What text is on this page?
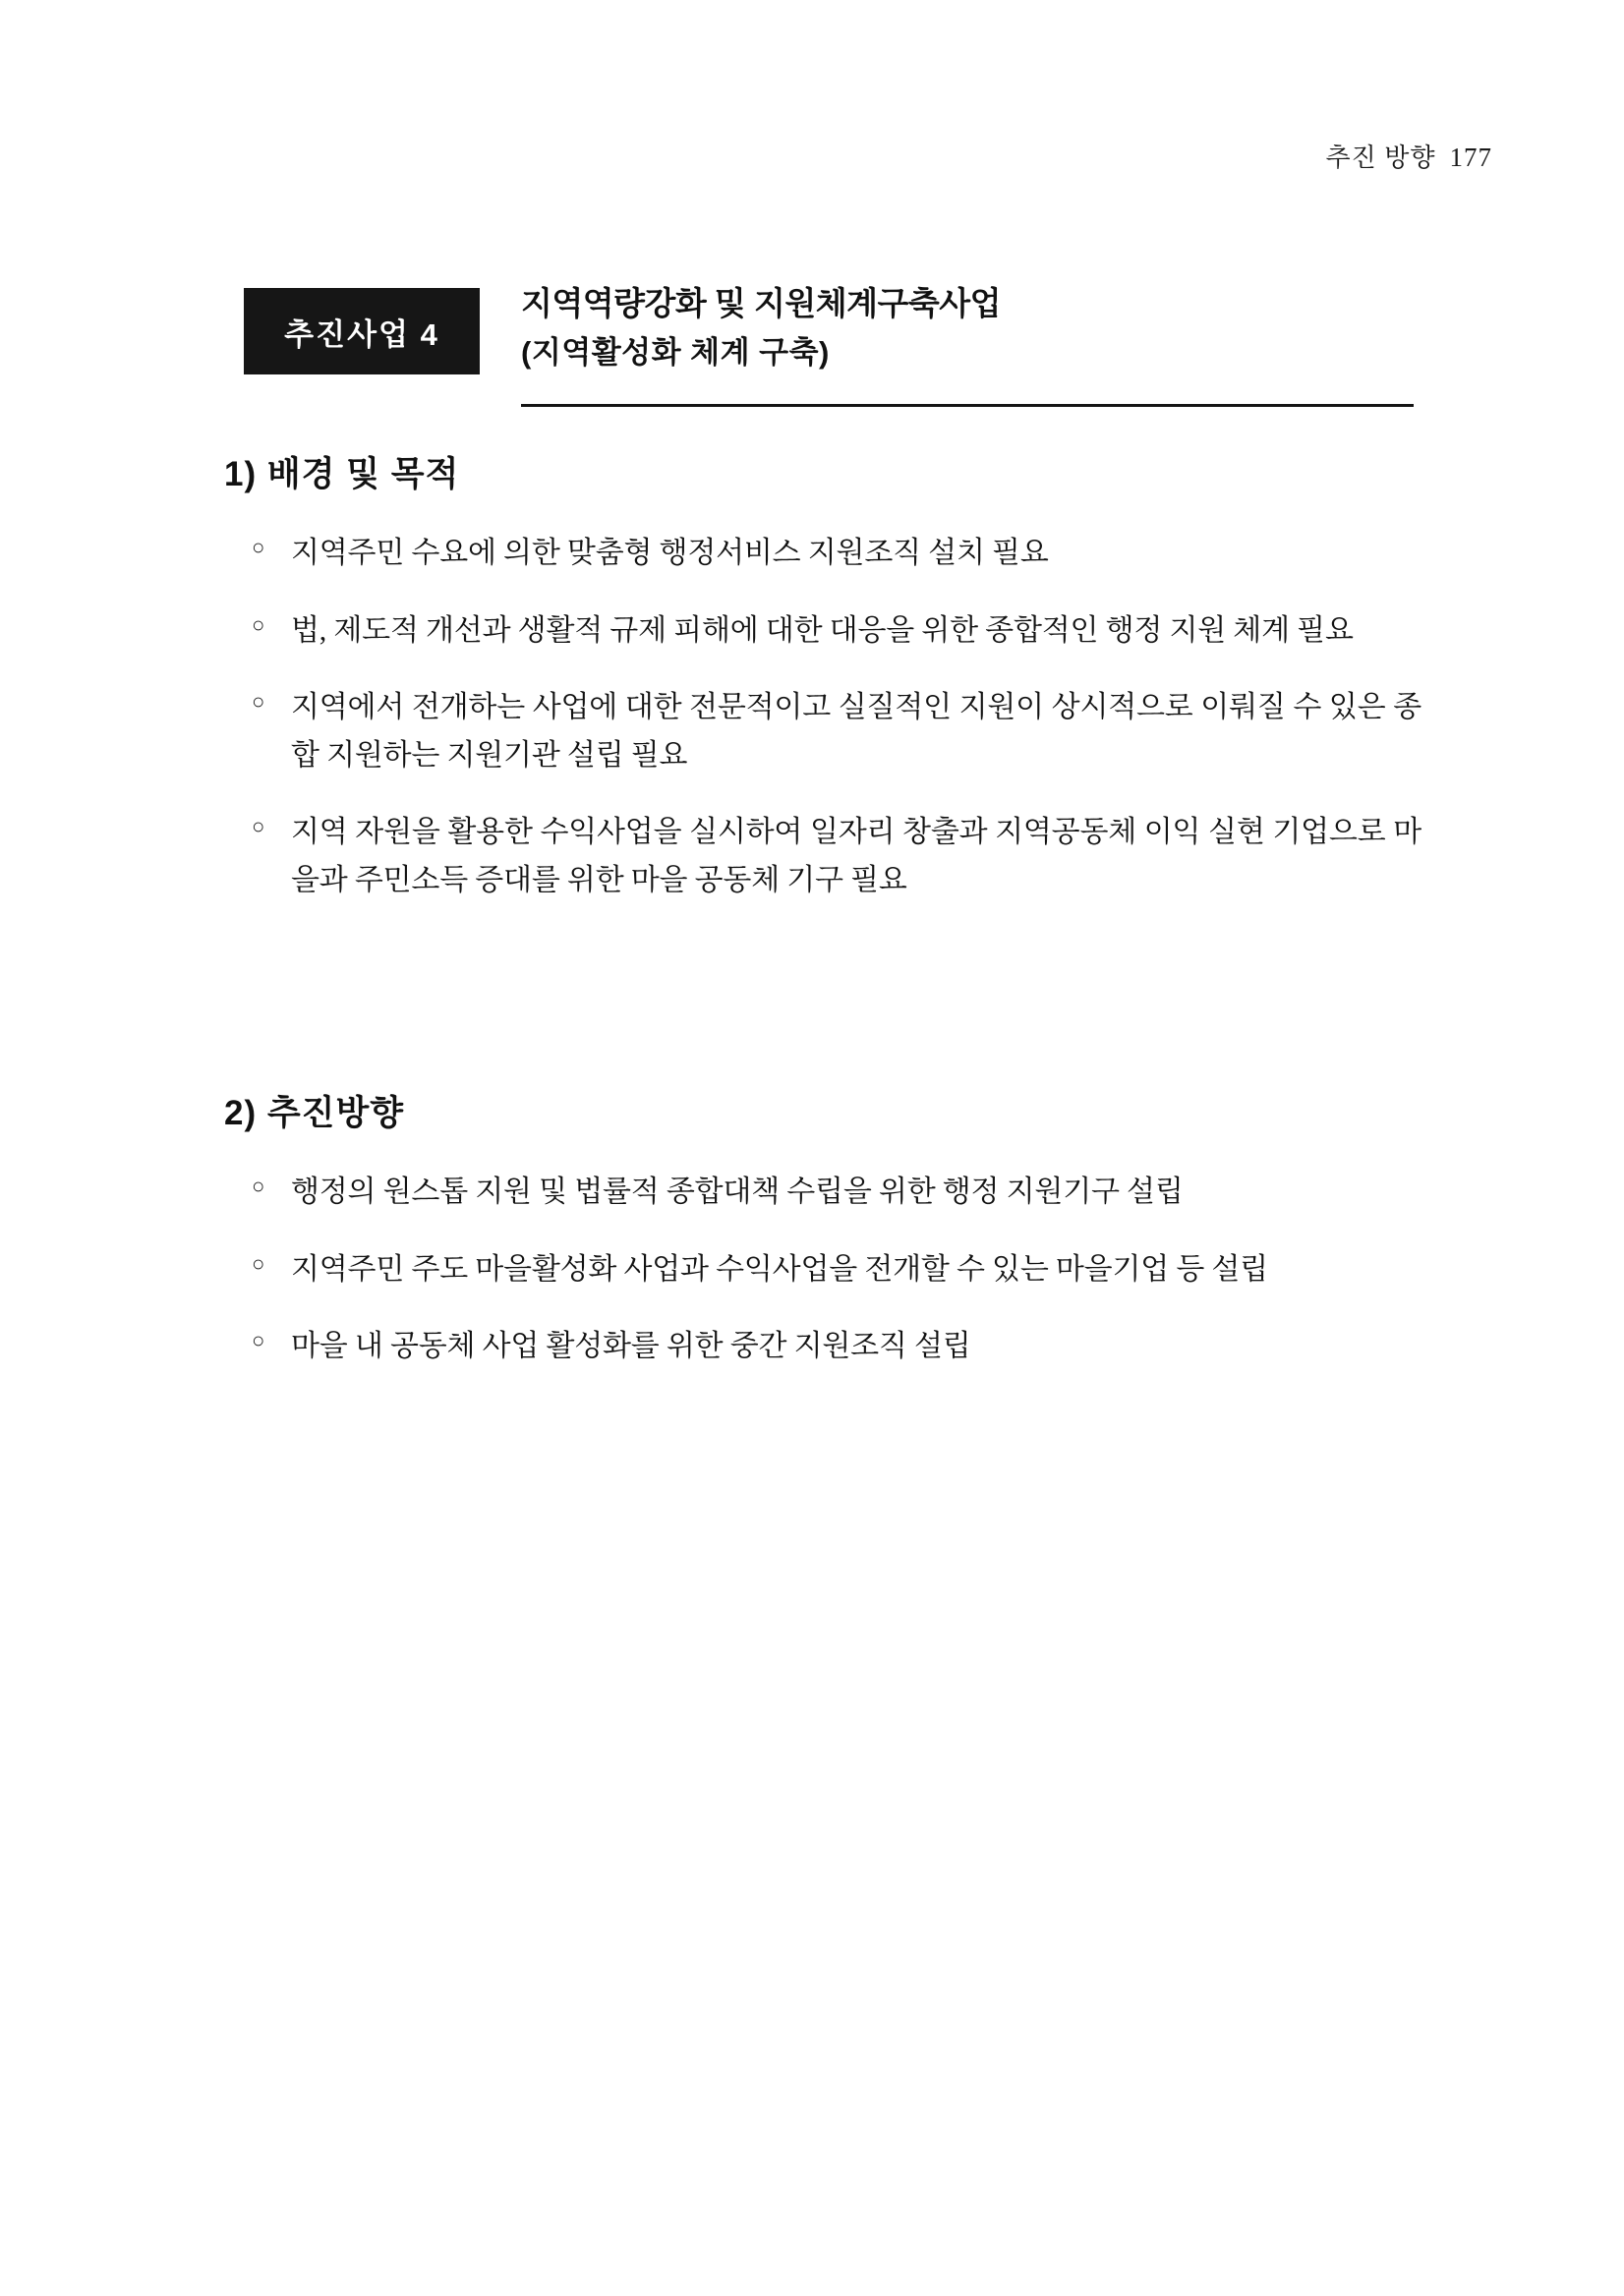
추진 방향 177
추진사업 4
지역역량강화 및 지원체계구축사업
(지역활성화 체계 구축)
1) 배경 및 목적
○ 지역주민 수요에 의한 맞춤형 행정서비스 지원조직 설치 필요
○ 법, 제도적 개선과 생활적 규제 피해에 대한 대응을 위한 종합적인 행정 지원 체계 필요
○ 지역에서 전개하는 사업에 대한 전문적이고 실질적인 지원이 상시적으로 이뤄질 수 있은 종합 지원하는 지원기관 설립 필요
○ 지역 자원을 활용한 수익사업을 실시하여 일자리 창출과 지역공동체 이익 실현 기업으로 마을과 주민소득 증대를 위한 마을 공동체 기구 필요
2) 추진방향
○ 행정의 원스톱 지원 및 법률적 종합대책 수립을 위한 행정 지원기구 설립
○ 지역주민 주도 마을활성화 사업과 수익사업을 전개할 수 있는 마을기업 등 설립
○ 마을 내 공동체 사업 활성화를 위한 중간 지원조직 설립
